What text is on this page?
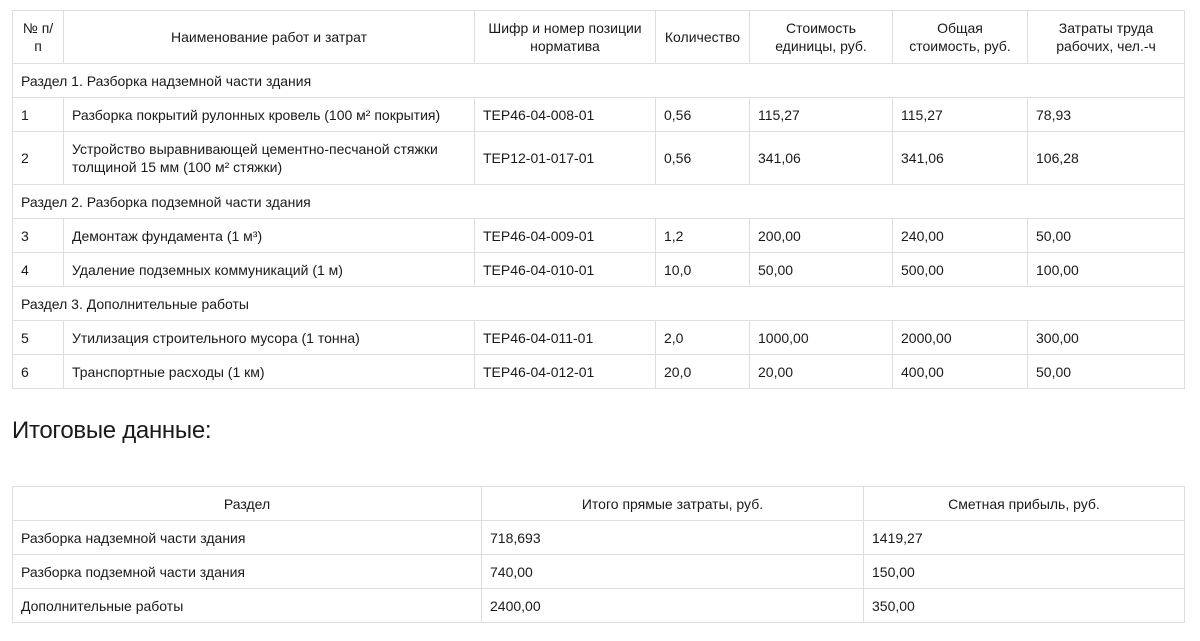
№ п/п	Наименование работ и затрат	Шифр и номер позиции норматива	Количество	Стоимость единицы, руб.	Общая стоимость, руб.	Затраты труда рабочих, чел.-ч
Раздел 1. Разборка надземной части здания						
1	Разборка покрытий рулонных кровель (100 м² покрытия)	ТЕР46-04-008-01	0,56	115,27	115,27	78,93
2	Устройство выравнивающей цементно-песчаной стяжки толщиной 15 мм (100 м² стяжки)	ТЕР12-01-017-01	0,56	341,06	341,06	106,28
Раздел 2. Разборка подземной части здания						
3	Демонтаж фундамента (1 м³)	ТЕР46-04-009-01	1,2	200,00	240,00	50,00
4	Удаление подземных коммуникаций (1 м)	ТЕР46-04-010-01	10,0	50,00	500,00	100,00
Раздел 3. Дополнительные работы						
5	Утилизация строительного мусора (1 тонна)	ТЕР46-04-011-01	2,0	1000,00	2000,00	300,00
6	Транспортные расходы (1 км)	ТЕР46-04-012-01	20,0	20,00	400,00	50,00
Итоговые данные:
Раздел	Итого прямые затраты, руб.	Сметная прибыль, руб.
Разборка надземной части здания	718,693	1419,27
Разборка подземной части здания	740,00	150,00
Дополнительные работы	2400,00	350,00
